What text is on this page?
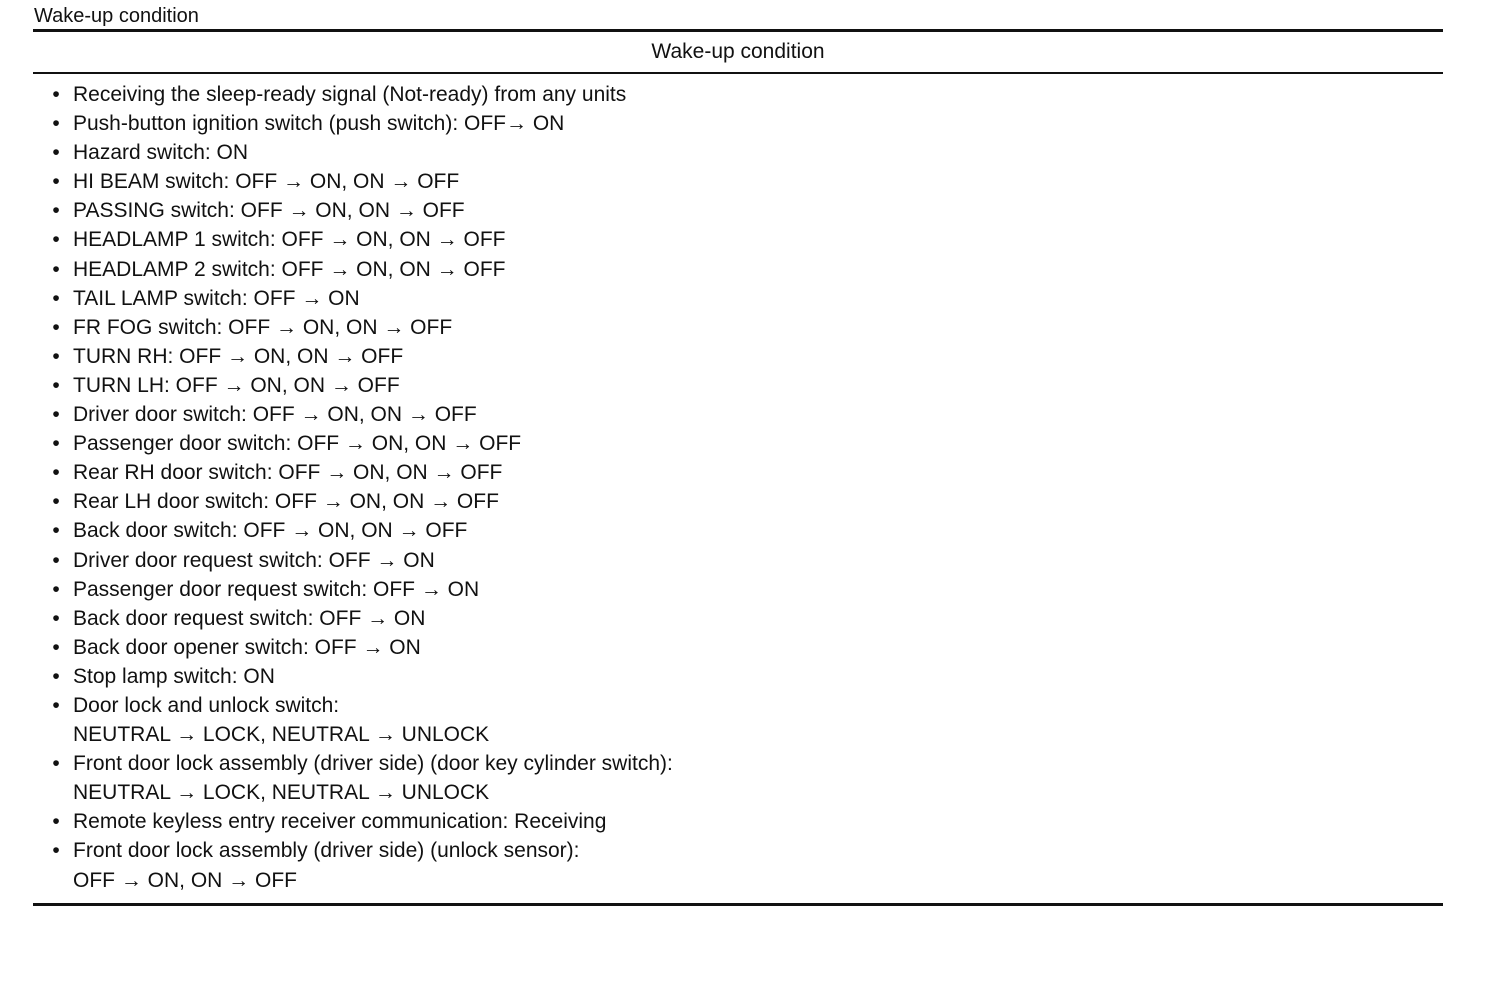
Wake-up condition
Wake-up condition
• Receiving the sleep-ready signal (Not-ready) from any units
• Push-button ignition switch (push switch): OFF→ ON
• Hazard switch: ON
• HI BEAM switch: OFF → ON, ON → OFF
• PASSING switch: OFF → ON, ON → OFF
• HEADLAMP 1 switch: OFF → ON, ON → OFF
• HEADLAMP 2 switch: OFF → ON, ON → OFF
• TAIL LAMP switch: OFF → ON
• FR FOG switch: OFF → ON, ON → OFF
• TURN RH: OFF → ON, ON → OFF
• TURN LH: OFF → ON, ON → OFF
• Driver door switch: OFF → ON, ON → OFF
• Passenger door switch: OFF → ON, ON → OFF
• Rear RH door switch: OFF → ON, ON → OFF
• Rear LH door switch: OFF → ON, ON → OFF
• Back door switch: OFF → ON, ON → OFF
• Driver door request switch: OFF → ON
• Passenger door request switch: OFF → ON
• Back door request switch: OFF → ON
• Back door opener switch: OFF → ON
• Stop lamp switch: ON
• Door lock and unlock switch:
NEUTRAL → LOCK, NEUTRAL → UNLOCK
• Front door lock assembly (driver side) (door key cylinder switch):
NEUTRAL → LOCK, NEUTRAL → UNLOCK
• Remote keyless entry receiver communication: Receiving
• Front door lock assembly (driver side) (unlock sensor):
OFF → ON, ON → OFF
